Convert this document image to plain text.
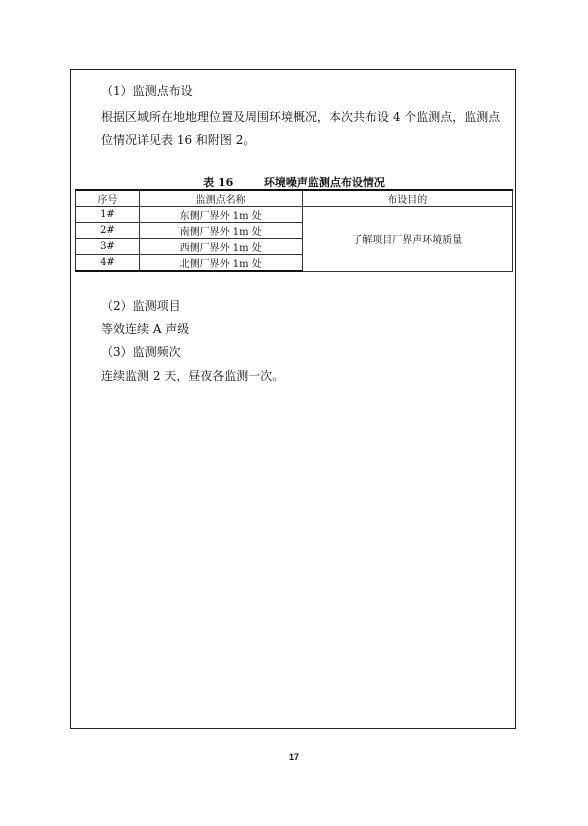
（1）监测点布设
根据区域所在地地理位置及周围环境概况，本次共布设 4 个监测点，监测点位情况详见表 16 和附图 2。
表 16        环境噪声监测点布设情况
序号	监测点名称	布设目的
1#	东侧厂界外 1m 处	了解项目厂界声环境质量
2#	南侧厂界外 1m 处	
3#	西侧厂界外 1m 处	
4#	北侧厂界外 1m 处	
（2）监测项目
等效连续 A 声级
（3）监测频次
连续监测 2 天，昼夜各监测一次。
17
